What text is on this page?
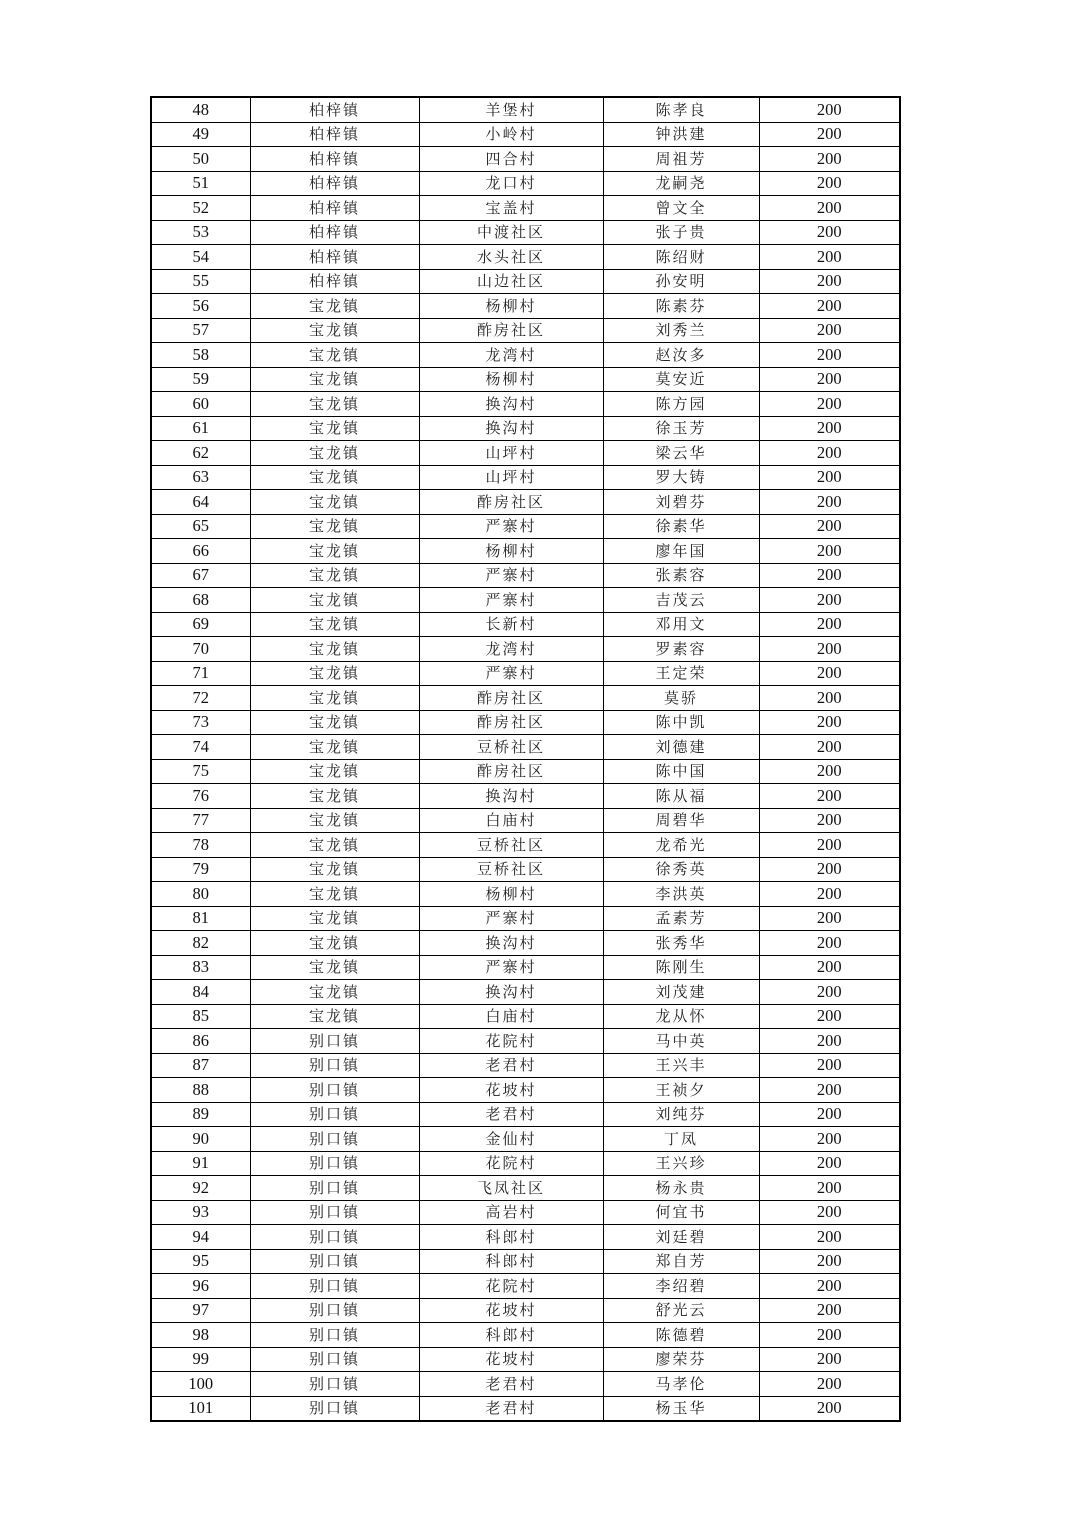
48	柏梓镇	羊堡村	陈孝良	200
49	柏梓镇	小岭村	钟洪建	200
50	柏梓镇	四合村	周祖芳	200
51	柏梓镇	龙口村	龙嗣尧	200
52	柏梓镇	宝盖村	曾文全	200
53	柏梓镇	中渡社区	张子贵	200
54	柏梓镇	水头社区	陈绍财	200
55	柏梓镇	山边社区	孙安明	200
56	宝龙镇	杨柳村	陈素芬	200
57	宝龙镇	酢房社区	刘秀兰	200
58	宝龙镇	龙湾村	赵汝多	200
59	宝龙镇	杨柳村	莫安近	200
60	宝龙镇	换沟村	陈方园	200
61	宝龙镇	换沟村	徐玉芳	200
62	宝龙镇	山坪村	梁云华	200
63	宝龙镇	山坪村	罗大铸	200
64	宝龙镇	酢房社区	刘碧芬	200
65	宝龙镇	严寨村	徐素华	200
66	宝龙镇	杨柳村	廖年国	200
67	宝龙镇	严寨村	张素容	200
68	宝龙镇	严寨村	吉茂云	200
69	宝龙镇	长新村	邓用文	200
70	宝龙镇	龙湾村	罗素容	200
71	宝龙镇	严寨村	王定荣	200
72	宝龙镇	酢房社区	莫骄	200
73	宝龙镇	酢房社区	陈中凯	200
74	宝龙镇	豆桥社区	刘德建	200
75	宝龙镇	酢房社区	陈中国	200
76	宝龙镇	换沟村	陈从福	200
77	宝龙镇	白庙村	周碧华	200
78	宝龙镇	豆桥社区	龙希光	200
79	宝龙镇	豆桥社区	徐秀英	200
80	宝龙镇	杨柳村	李洪英	200
81	宝龙镇	严寨村	孟素芳	200
82	宝龙镇	换沟村	张秀华	200
83	宝龙镇	严寨村	陈刚生	200
84	宝龙镇	换沟村	刘茂建	200
85	宝龙镇	白庙村	龙从怀	200
86	别口镇	花院村	马中英	200
87	别口镇	老君村	王兴丰	200
88	别口镇	花坡村	王祯夕	200
89	别口镇	老君村	刘纯芬	200
90	别口镇	金仙村	丁凤	200
91	别口镇	花院村	王兴珍	200
92	别口镇	飞凤社区	杨永贵	200
93	别口镇	高岩村	何宜书	200
94	别口镇	科郎村	刘廷碧	200
95	别口镇	科郎村	郑自芳	200
96	别口镇	花院村	李绍碧	200
97	别口镇	花坡村	舒光云	200
98	别口镇	科郎村	陈德碧	200
99	别口镇	花坡村	廖荣芬	200
100	别口镇	老君村	马孝伦	200
101	别口镇	老君村	杨玉华	200
